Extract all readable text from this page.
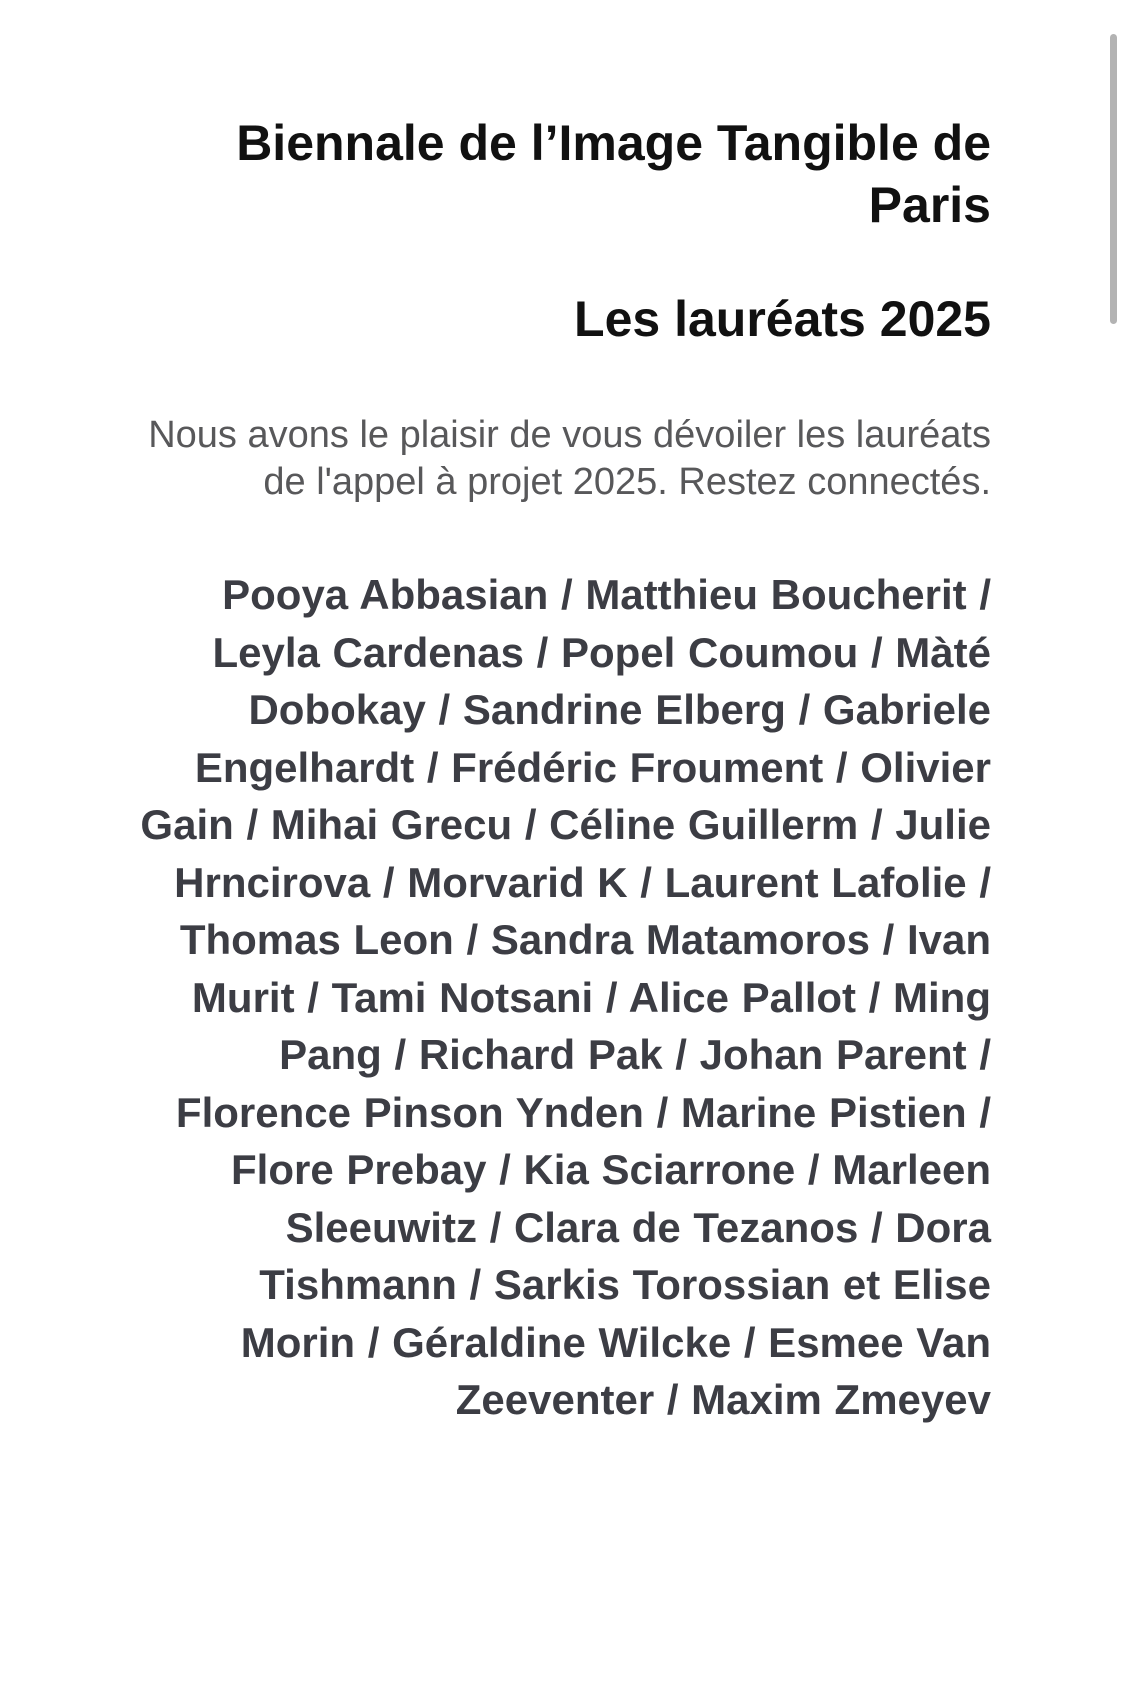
Biennale de l’Image Tangible de Paris
Les lauréats 2025

Nous avons le plaisir de vous dévoiler les lauréats de l'appel à projet 2025. Restez connectés.

Pooya Abbasian / Matthieu Boucherit / Leyla Cardenas / Popel Coumou / Màté Dobokay / Sandrine Elberg / Gabriele Engelhardt / Frédéric Froument / Olivier Gain / Mihai Grecu / Céline Guillerm / Julie Hrncirova / Morvarid K / Laurent Lafolie / Thomas Leon / Sandra Matamoros / Ivan Murit / Tami Notsani / Alice Pallot / Ming Pang / Richard Pak / Johan Parent / Florence Pinson Ynden / Marine Pistien / Flore Prebay / Kia Sciarrone / Marleen Sleeuwitz / Clara de Tezanos / Dora Tishmann / Sarkis Torossian et Elise Morin / Géraldine Wilcke / Esmee Van Zeeventer / Maxim Zmeyev
